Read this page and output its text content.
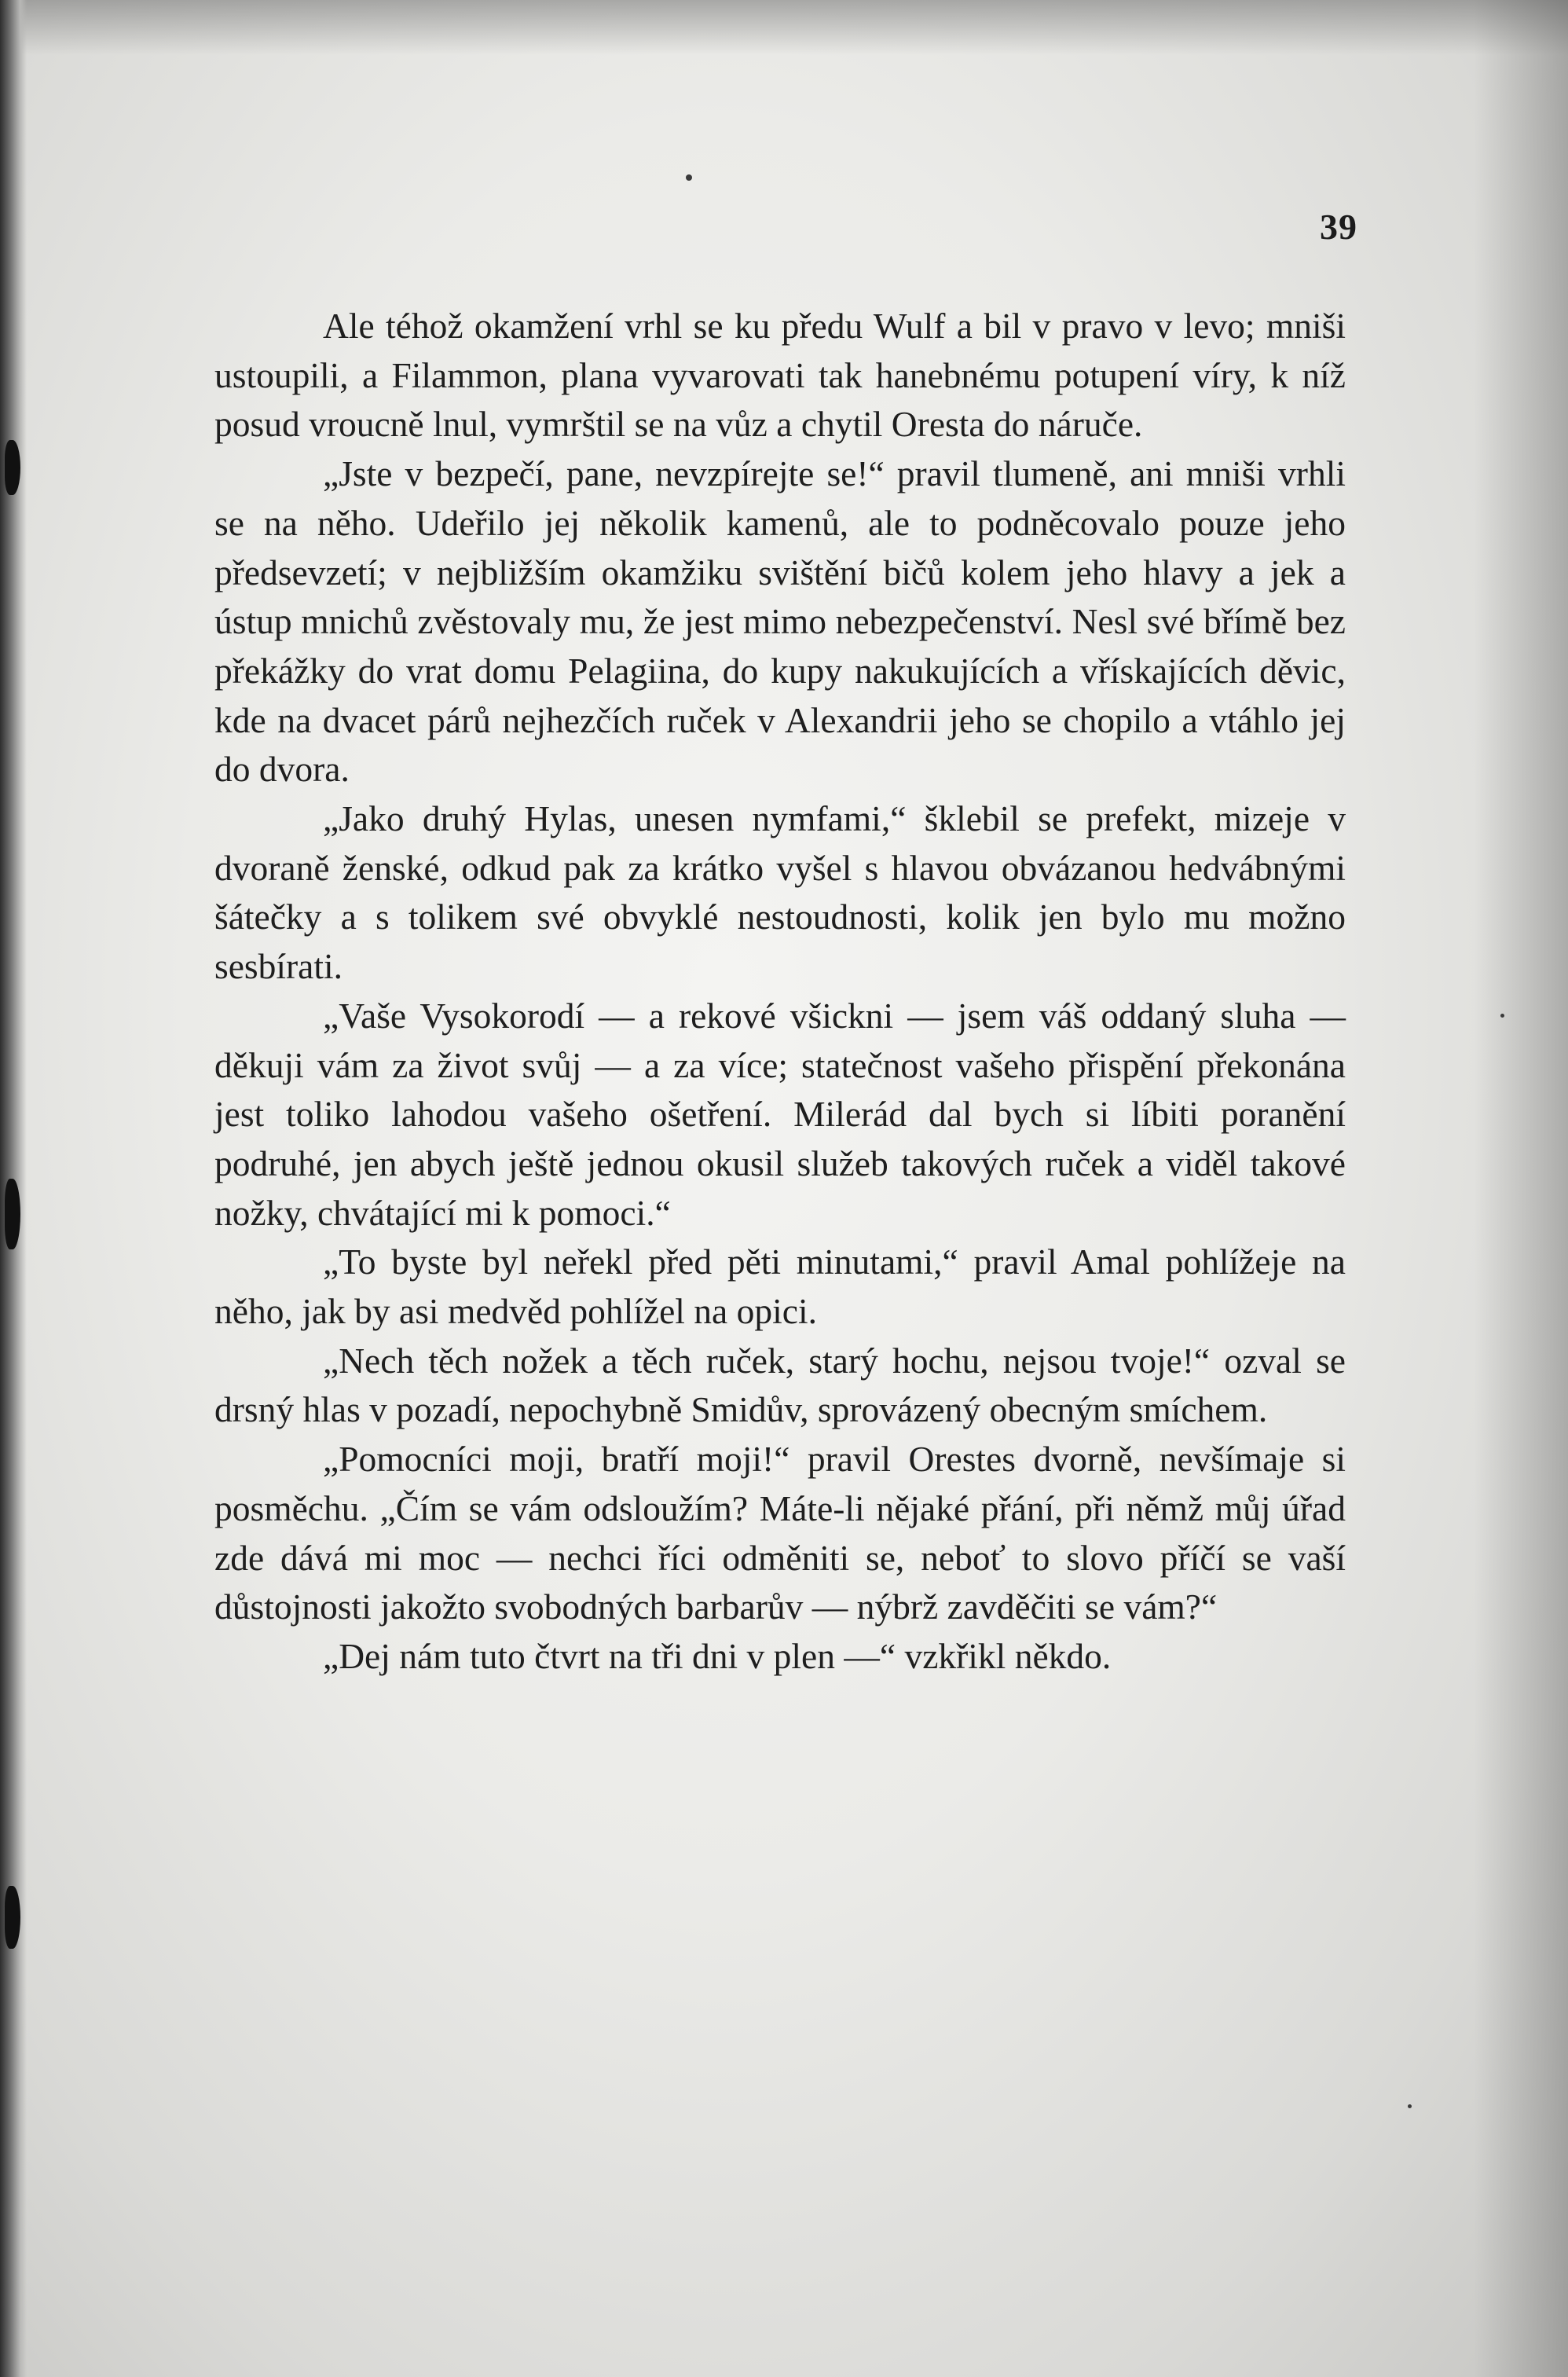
39

Ale téhož okamžení vrhl se ku předu Wulf a bil v pravo v levo; mniši ustoupili, a Filammon, plana vyvarovati tak hanebnému potupení víry, k níž posud vroucně lnul, vymrštil se na vůz a chytil Oresta do náruče.

„Jste v bezpečí, pane, nevzpírejte se!“ pravil tlumeně, ani mniši vrhli se na něho. Udeřilo jej několik kamenů, ale to podněcovalo pouze jeho předsevzetí; v nejbližším okamžiku svištění bičů kolem jeho hlavy a jek a ústup mnichů zvěstovaly mu, že jest mimo nebezpečenství. Nesl své břímě bez překážky do vrat domu Pelagiina, do kupy nakukujících a vřískajících děvic, kde na dvacet párů nejhezčích ruček v Alexandrii jeho se chopilo a vtáhlo jej do dvora.

„Jako druhý Hylas, unesen nymfami,“ šklebil se prefekt, mizeje v dvoraně ženské, odkud pak za krátko vyšel s hlavou obvázanou hedvábnými šátečky a s tolikem své obvyklé nestoudnosti, kolik jen bylo mu možno sesbírati.

„Vaše Vysokorodí — a rekové všickni — jsem váš oddaný sluha — děkuji vám za život svůj — a za více; statečnost vašeho přispění překonána jest toliko lahodou vašeho ošetření. Milerád dal bych si líbiti poranění podruhé, jen abych ještě jednou okusil služeb takových ruček a viděl takové nožky, chvátající mi k pomoci.“

„To byste byl neřekl před pěti minutami,“ pravil Amal pohlížeje na něho, jak by asi medvěd pohlížel na opici.

„Nech těch nožek a těch ruček, starý hochu, nejsou tvoje!“ ozval se drsný hlas v pozadí, nepochybně Smidův, sprovázený obecným smíchem.

„Pomocníci moji, bratří moji!“ pravil Orestes dvorně, nevšímaje si posměchu. „Čím se vám odsloužím? Máte-li nějaké přání, při němž můj úřad zde dává mi moc — nechci říci odměniti se, neboť to slovo příčí se vaší důstojnosti jakožto svobodných barbarův — nýbrž zavděčiti se vám?“

„Dej nám tuto čtvrt na tři dni v plen —“ vzkřikl někdo.
